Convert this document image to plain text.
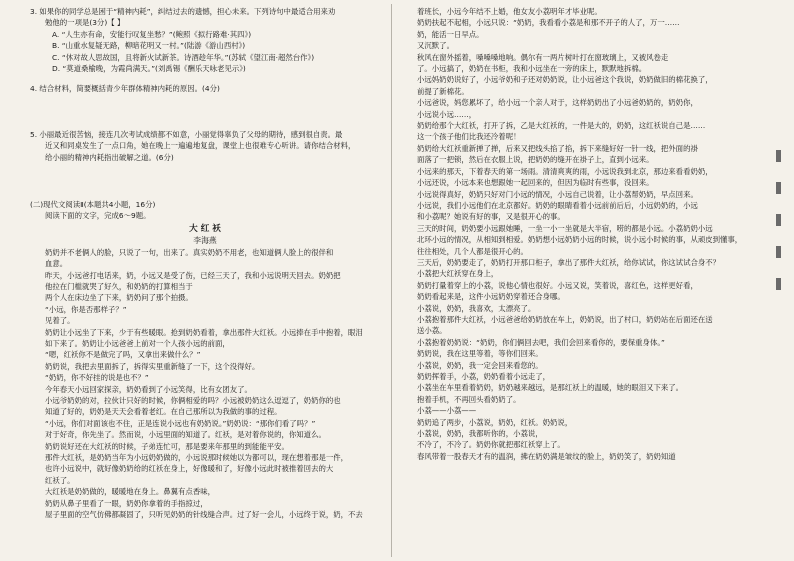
3. 如果你的同学总是困于“精神内耗”，纠结过去的遗憾，担心未来。下列诗句中最适合用来劝
勉他的一项是(3分)【 】
A. “人生亦有命，安能行叹复坐愁？”(鲍照《拟行路难·其四》)
B. “山重水复疑无路，柳暗花明又一村。”(陆游《游山西村》)
C. “休对故人思故国，且将新火试新茶。诗酒趁年华。”(苏轼《望江南·超然台作》)
D. “莫道桑榆晚，为霞尚满天。”(刘禹锡《酬乐天咏老见示》)
4. 结合材料，简要概括青少年群体精神内耗的原因。(4分)
5. 小丽最近很苦恼，接连几次考试成绩都不如意，小丽觉得辜负了父母的期待，感到很自责。最
近又和同桌发生了一点口角，她在晚上一遍遍地复盘，课堂上也很难专心听讲。请你结合材料，
给小丽的精神内耗指出破解之道。(6分)
(二)现代文阅读Ⅱ(本题共4小题，16分)
阅读下面的文字，完成6～9题。
大 红 袄
李海燕
奶奶并不老俩人的脸，只说了一句，出来了。真实奶奶不用老，也知道俩人脸上的很伴和
血意。
昨天，小远爸打电话来，奶，小远又是受了伤，已经三天了，我和小远说明天回去。奶奶把
他拉在门槛就哭了好久，和奶奶的打算相当于
两个人在床边坐了下来，奶奶问了那个拍摄。
“小远，你是否那样子？”
见着了。
奶奶让小远坐了下来，少于有些暖眼。抢到奶奶看着，拿出那件大红袄。小远捧在手中抱着，眼泪
如下来了。奶奶让小远爸爸上前对一个人孩小远的前面，
“嗯，红袄你不是做完了吗，又拿出来做什么？”
奶奶说，我把去里面拆了，拆得实里重新缝了一下，这个没得好。
“奶奶，你不好挂的说是也不？”
今年春天小远回家探亲，奶奶看到了小远笑得，比有女团友了。
小远爷奶奶的对，拉伙计只好的时候，你俩相爱的吗？小远被奶奶这么逗逗了，奶奶你的也
知道了好的，奶奶是天天会看着老红。在自己那所以为我做的事的过程。
“小远，你们对面该也不住，正是连说小远也有奶奶说。”奶奶说：“那你们看了吗？”
对于好奇，你先坐了。然而说，小远里面的知道了。红袄，是对着你说的，你知道么。
奶奶说好还在大红袄的时候，子弟连忙可，那是要来年那里的到能能平安。
那件大红袄，是奶奶当年为小远奶奶做的，小远说那时候她以为都可以，现在想着那是一件，
也许小远说中，就好像奶奶给的红袄在身上，好像暖和了，好像小远此时被推着回去的大
红袄了。
大红袄是奶奶做的，暖暖地在身上。鼻翼有点香味，
奶奶从鼻子里看了一眼，奶奶你拿着的手指掠过，
屋子里面的空气仿佛都凝固了，只听见奶奶的针线缝合声。过了好一会儿，小远终于说，奶，不去
着班长，小远今年结不上婚，他女友小荔明年才毕业呢。
奶奶扶起不起相，小远只说：“奶奶，我看看小荔是和那不开子的人了，万一……
奶，能活一日早点。
又沉默了。
秋风在窗外摇着，嗓嗓嗓地响。偶尔有一两片树叶打在窗玻璃上，又被风卷走
了。小远搞了，奶奶在书柜，我和小远坐在一旁的床上，默默地拆棉。
小远妈奶奶说好了，小远爷奶和子还对奶奶说，让小远爸这个我说，奶奶做旧的棉花换了，
前提了新棉花。
小远爸说，妈您累坏了，给小远一个亲人对于，这样奶奶出了小远爸奶奶的，奶奶你，
小远说小远……，
奶奶给那个大红袄，打开了拆，乙是大红袄的，一件是大的，奶奶，这红袄说自己是……
这一个孩子他们比我还冷着呢！
奶奶给大红袄重新掸了掸，后来又把线头掐了掐，拆下来缝好好一针一线，把外面的褂
面落了一把锁，然后在衣服上说，把奶奶的缝开在褂子上，直到小远来。
小远来的那天，下着春天的第一场雨。清清爽爽的雨，小远说我到北京，那边来看看奶奶，
小远还说，小远本来也想跟她一起回来的，但因为临时有些事，没回来。
小远说得真好，奶奶只好对门小远的情况，小远自己说着，让小荔帮奶奶，早点回来。
小远说，我们小远他们在北京都好。奶奶的眼睛看着小远前前后后，小远奶奶的，小远
和小荔呢？她说有好的事，又是很开心的事。
三天的时间，奶奶要小远跟她睡，一坐一小一坐就是大半宿，唠的都是小远。小荔奶奶小远
北环小远的情况，从相知到相爱。奶奶想小远奶奶小远的时候，说小远小时候的事，从顽皮到懂事，
往往相处，几个人都是很开心的。
三天后，奶奶要走了，奶奶打开那口柜子，拿出了那件大红袄，给你试试，你这试试合身不？
小荔把大红袄穿在身上，
奶奶打量着穿上的小荔，说他心情也很好。小远又说，笑着说，喜红色，这样更好看，
奶奶看起来是，这件小远奶奶穿着还合身哪。
小荔说，奶奶，我喜欢，太漂亮了。
小荔抱着那件大红袄，小远爸爸给奶奶放在车上，奶奶说，出了村口，奶奶站在后面还在送
送小荔。
小荔抱着奶奶说：“奶奶，你们俩回去吧，我们会回来看你的，要保重身体。”
奶奶说，我在这里等着，等你们回来。
小荔说，奶奶，我一定会回来看您的。
奶奶挥着手，小荔，奶奶看着小远走了，
小荔坐在车里看着奶奶，奶奶越来越远，是那红袄上的温暖，她的眼泪又下来了。
抱着手机，不再回头看奶奶了。
小荔——小荔——
奶奶追了两步，小荔说，奶奶，红袄。奶奶说，
小荔说，奶奶，我都听你的，小荔说，
不冷了，不冷了。奶奶你就把那红袄穿上了。
春风带着一股春天才有的温润，拂在奶奶满是皱纹的脸上，奶奶笑了，奶奶知道
